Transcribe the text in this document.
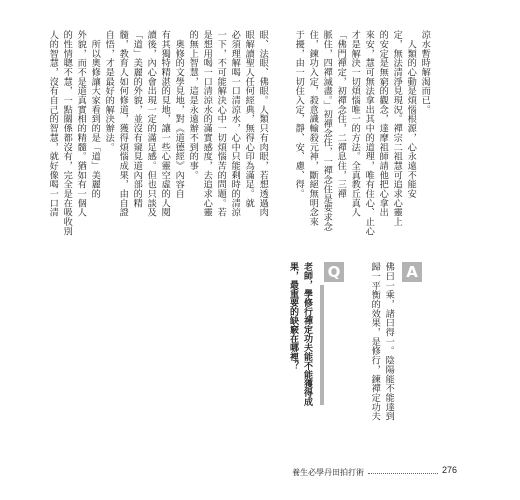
眼、法眼、佛眼。人類只有肉眼，若想透過肉
眼解讀聖人任何經典，無得心印為滿足。就
必須理解喝一口清涼水，心中只能剩時的清涼
一下，不可能解決心中一切煩惱苦的問題。若
是想用喝一口清涼水的滿實感度，去追求心靈
的無上智慧，這是永遠辦不到的事。
　奧修的文學見地，對《道德經》內容自
有其獨特精湛的見地，讓一些心靈空虛的人閱
讀後，內心會出現一定的滿足感。但也只談及
「道」美麗的外貌，並沒有窺見道內部的精
髓，教育人如何修道，獲得煩惱成果，由自證
自悟，才是最好的解決辦法。
　所以奧修讓大家看到的是「道」美麗的
外貌，而不是道真實相的精髓。猶如有一個人
的性情聰不慧，一點關係都沒有，完全是在吸收別
人的智慧，沒有自己的智慧，就好像喝一口清	涼水暫時解渴而已。
　人類的心動是煩惱根源，心永遠不能安
定，無法清淨見現況。禪宗二祖慧可追求心靈上
的安定是無窮的觀念，達摩祖師請他把心拿出
來安，慧可無法拿出其中的道理，唯有住心、止心
才是解決一切煩惱唯一的方法。全真教丘真人
「佛門禪定，初禪念住，二禪息住，三禪
脈住，四禪滅盡。」初禪念住，一禪念住是要求念
住，鍊功入定，殺意識輸殺元神，斷絕無明念來
于擾，由一切住入定，靜、安、慮、得。
A
佛曰一乘，諸曰得一。陰陽能不能達到
歸一平衡的效果，是修行，鍊禪定功夫
Q
老師，學修行禪定功夫能不能獲得成
果，最重要的缺竅在哪裡？
養生必學丹田拍打術	276
